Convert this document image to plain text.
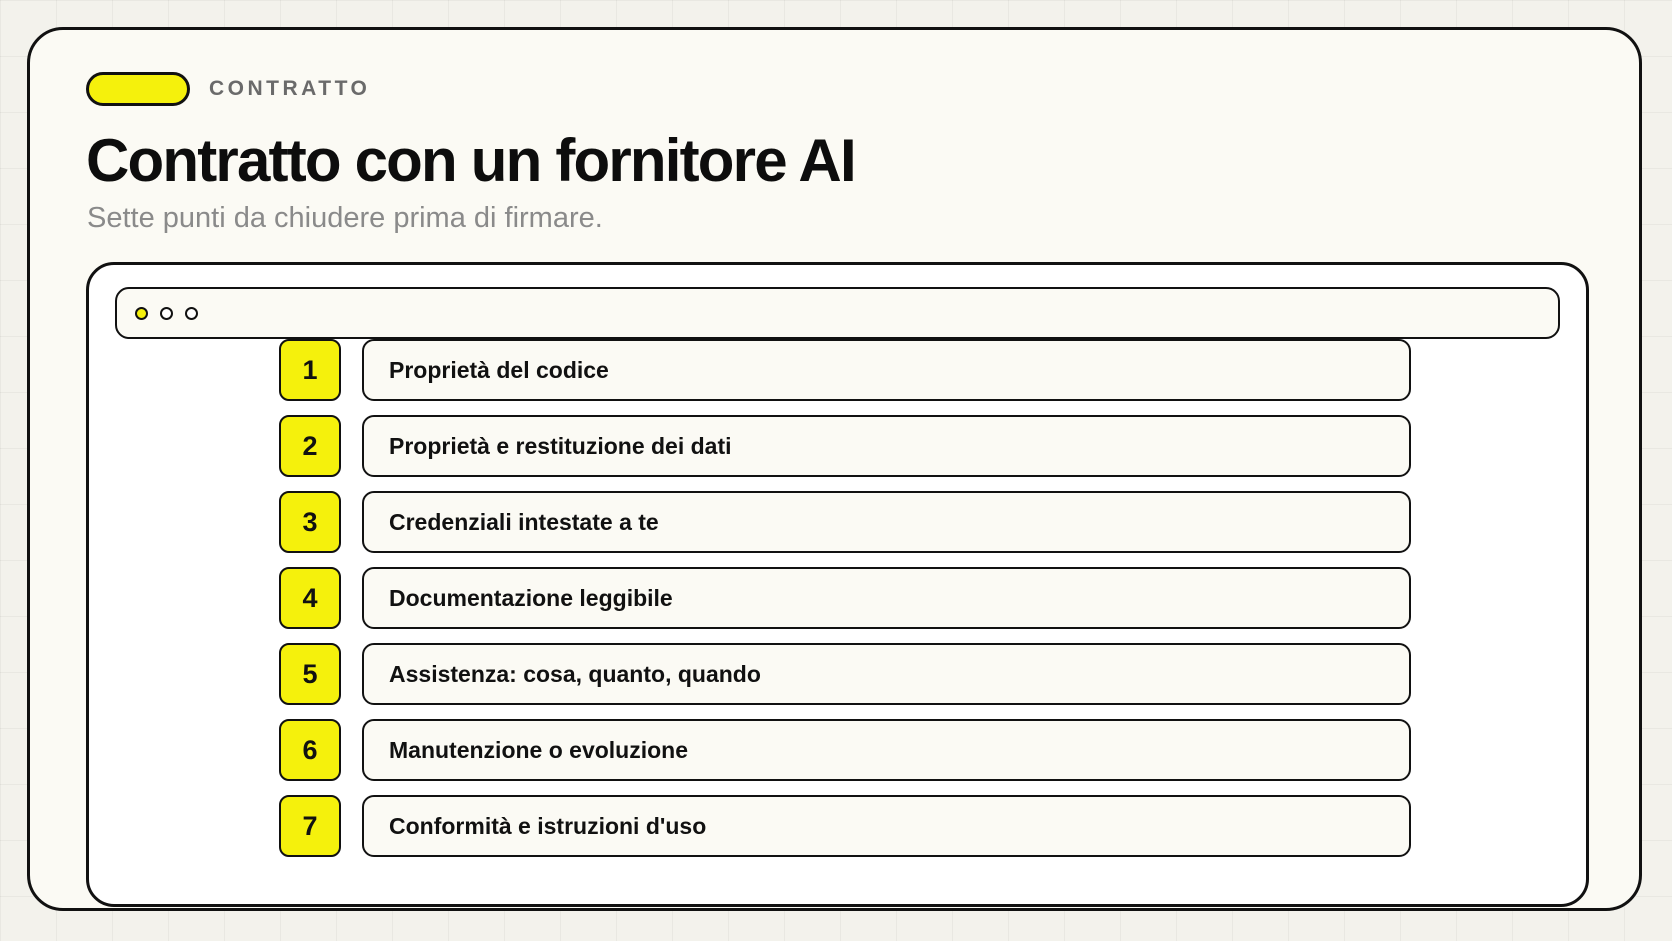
CONTRATTO
Contratto con un fornitore AI

Sette punti da chiudere prima di firmare.

1	Proprietà del codice
2	Proprietà e restituzione dei dati
3	Credenziali intestate a te
4	Documentazione leggibile
5	Assistenza: cosa, quanto, quando
6	Manutenzione o evoluzione
7	Conformità e istruzioni d'uso
